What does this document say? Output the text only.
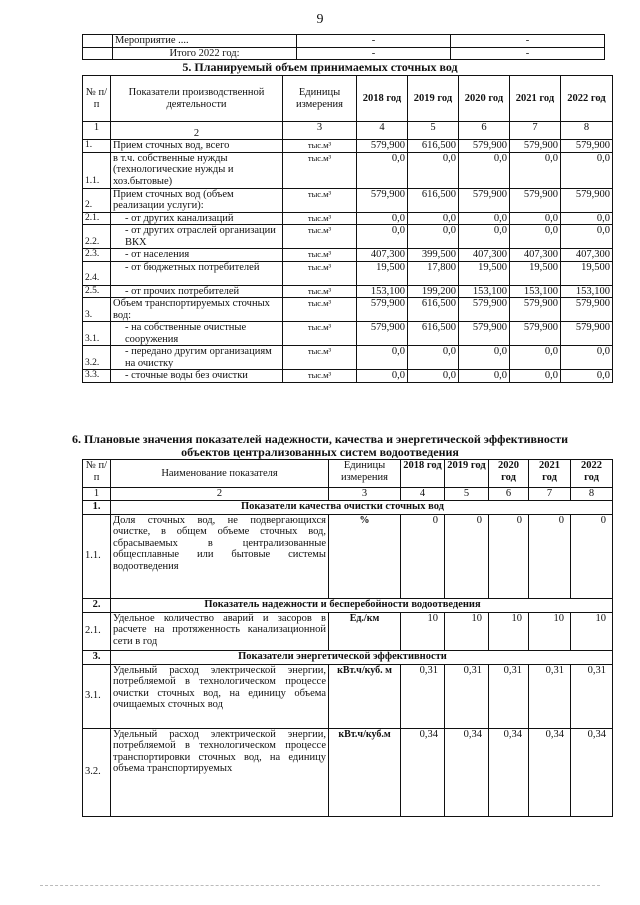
9
	Мероприятие ....	-	-
	Итого 2022 год:	-	-
5. Планируемый объем принимаемых сточных вод
№ п/п	Показатели производственной деятельности	Единицы измерения	2018 год	2019 год	2020 год	2021 год	2022 год
1	2	3	4	5	6	7	8
1.	Прием сточных вод, всего	тыс.м³	579,900	616,500	579,900	579,900	579,900
1.1.	в т.ч. собственные нужды (технологические нужды и хоз.бытовые)	тыс.м³	0,0	0,0	0,0	0,0	0,0
2.	Прием сточных вод (объем реализации услуги):	тыс.м³	579,900	616,500	579,900	579,900	579,900
2.1.	- от других канализаций	тыс.м³	0,0	0,0	0,0	0,0	0,0
2.2.	- от других отраслей организации ВКХ	тыс.м³	0,0	0,0	0,0	0,0	0,0
2.3.	- от населения	тыс.м³	407,300	399,500	407,300	407,300	407,300
2.4.	- от бюджетных потребителей	тыс.м³	19,500	17,800	19,500	19,500	19,500
2.5.	- от прочих потребителей	тыс.м³	153,100	199,200	153,100	153,100	153,100
3.	Объем транспортируемых сточных вод:	тыс.м³	579,900	616,500	579,900	579,900	579,900
3.1.	- на собственные очистные сооружения	тыс.м³	579,900	616,500	579,900	579,900	579,900
3.2.	- передано другим организациям на очистку	тыс.м³	0,0	0,0	0,0	0,0	0,0
3.3.	- сточные воды без очистки	тыс.м³	0,0	0,0	0,0	0,0	0,0
6. Плановые значения показателей надежности, качества и энергетической эффективности объектов централизованных систем водоотведения
№ п/п	Наименование показателя	Единицы измерения	2018 год	2019 год	2020 год	2021 год	2022 год
1	2	3	4	5	6	7	8
1.	Показатели качества очистки сточных вод						
1.1.	Доля сточных вод, не подвергающихся очистке, в общем объеме сточных вод, сбрасываемых в централизованные общесплавные или бытовые системы водоотведения	%	0	0	0	0	0
2.	Показатель надежности и бесперебойности водоотведения						
2.1.	Удельное количество аварий и засоров в расчете на протяженность канализационной сети в год	Ед./км	10	10	10	10	10
3.	Показатели энергетической эффективности						
3.1.	Удельный расход электрической энергии, потребляемой в технологическом процессе очистки сточных вод, на единицу объема очищаемых сточных вод	кВт.ч/куб. м	0,31	0,31	0,31	0,31	0,31
3.2.	Удельный расход электрической энергии, потребляемой в технологическом процессе транспортировки сточных вод, на единицу объема транспортируемых	кВт.ч/куб.м	0,34	0,34	0,34	0,34	0,34
